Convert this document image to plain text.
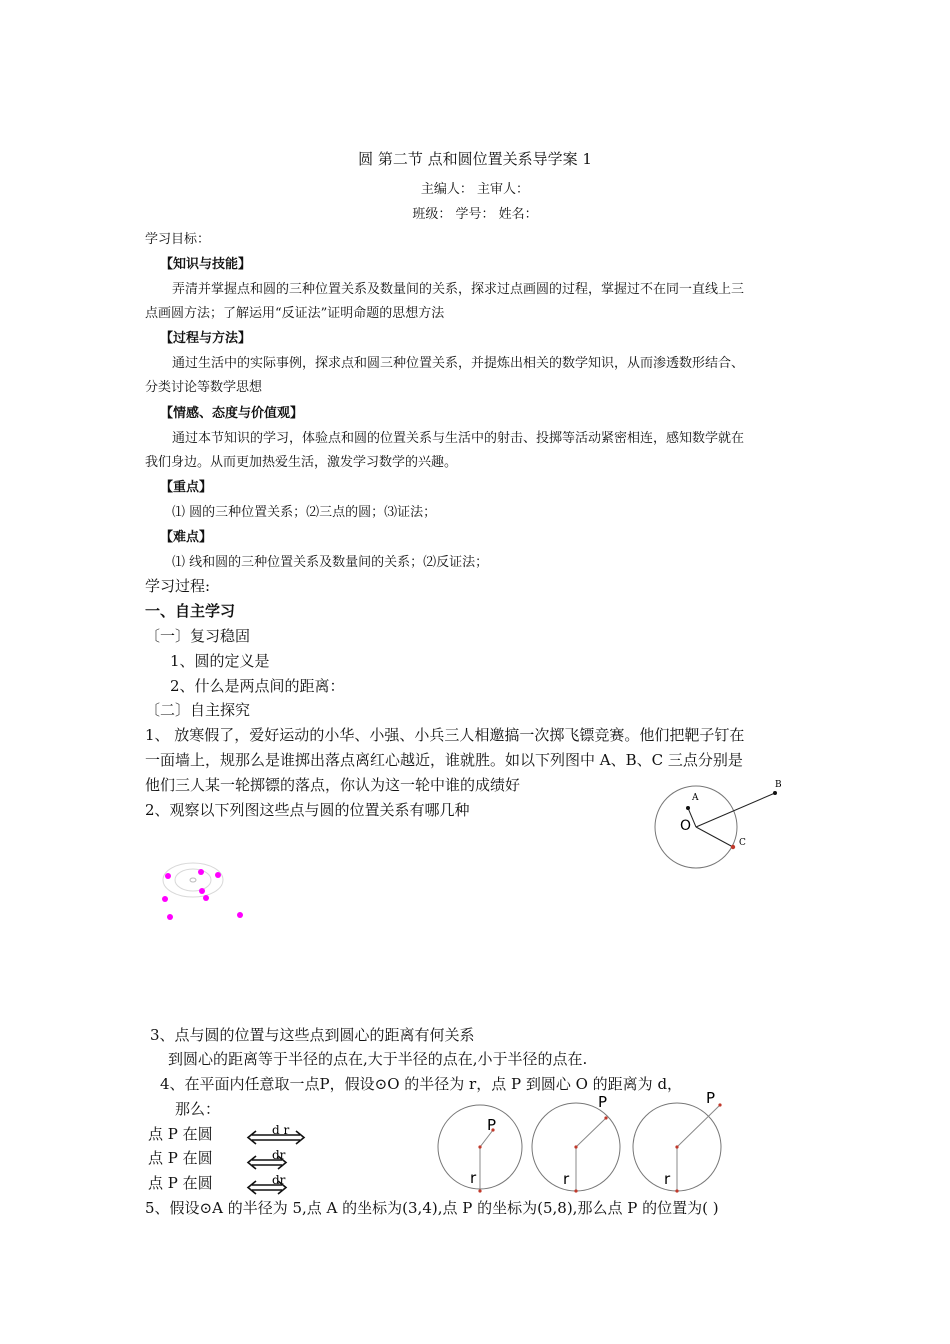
圆 第二节 点和圆位置关系导学案 1
主编人： 主审人：
班级： 学号： 姓名：
学习目标：
【知识与技能】
弄清并掌握点和圆的三种位置关系及数量间的关系，探求过点画圆的过程，掌握过不在同一直线上三
点画圆方法；了解运用“反证法”证明命题的思想方法
【过程与方法】
通过生活中的实际事例，探求点和圆三种位置关系，并提炼出相关的数学知识，从而渗透数形结合、
分类讨论等数学思想
【情感、态度与价值观】
通过本节知识的学习，体验点和圆的位置关系与生活中的射击、投掷等活动紧密相连，感知数学就在
我们身边。从而更加热爱生活，激发学习数学的兴趣。
【重点】
⑴ 圆的三种位置关系；⑵三点的圆；⑶证法；
【难点】
⑴ 线和圆的三种位置关系及数量间的关系；⑵反证法；
学习过程:
一、自主学习
〔一〕复习稳固
1、圆的定义是
2、什么是两点间的距离：
〔二〕自主探究
1、 放寒假了，爱好运动的小华、小强、小兵三人相邀搞一次掷飞镖竞赛。他们把靶子钉在
一面墙上，规那么是谁掷出落点离红心越近，谁就胜。如以下列图中 A、B、C 三点分别是
他们三人某一轮掷镖的落点，你认为这一轮中谁的成绩好
2、观察以下列图这些点与圆的位置关系有哪几种
A
B
C
O
3、点与圆的位置与这些点到圆心的距离有何关系
到圆心的距离等于半径的点在,大于半径的点在,小于半径的点在.
4、在平面内任意取一点P，假设⊙O 的半径为 r，点 P 到圆心 O 的距离为 d，
那么：
点 P 在圆
点 P 在圆
点 P 在圆
d r
dr
dr
P
r
P
r
P
r
5、假设⊙A 的半径为 5,点 A 的坐标为(3,4),点 P 的坐标为(5,8),那么点 P 的位置为( )
